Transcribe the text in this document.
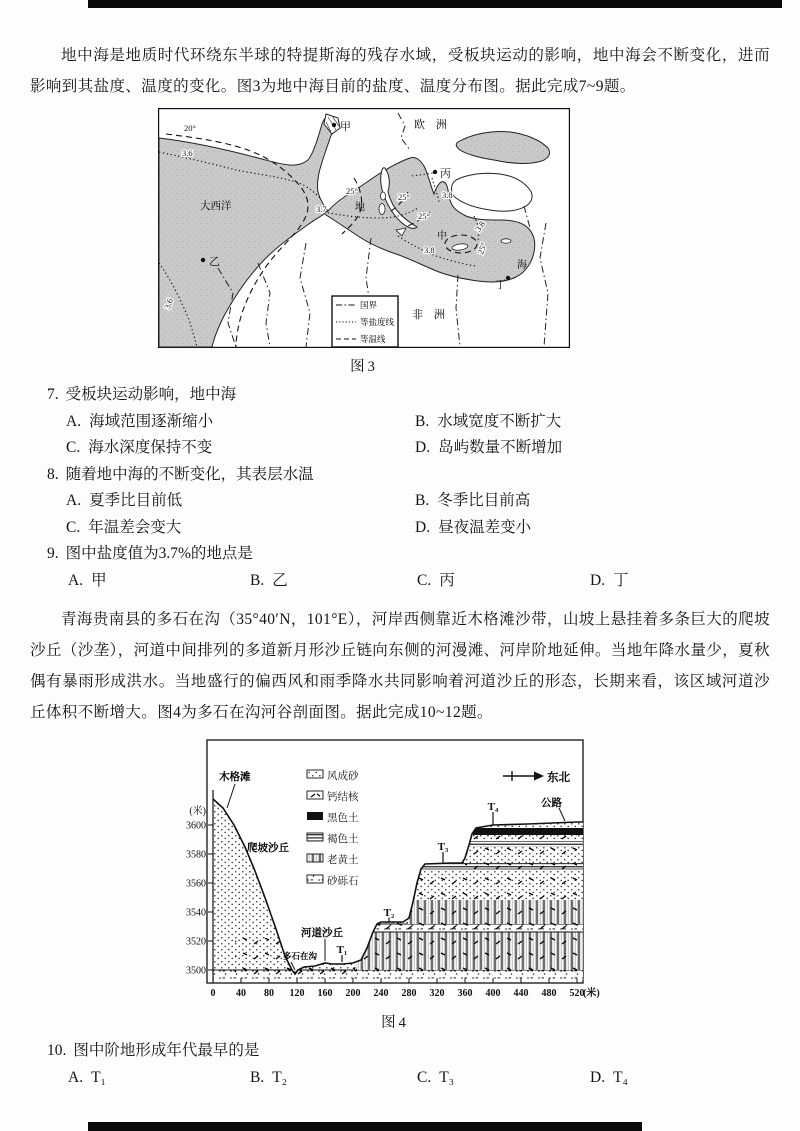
地中海是地质时代环绕东半球的特提斯海的残存水域，受板块运动的影响，地中海会不断变化，进而影响到其盐度、温度的变化。图3为地中海目前的盐度、温度分布图。据此完成7~9题。

20°
3.6
25°
3.7
25°	3.8
25°
3.8
3.8
25°
3.6
甲
乙
丙
丁
欧 洲
大西洋
非 洲
地
中
海
国界
等盐度线
等温线
图3
7. 受板块运动影响，地中海
A. 海域范围逐渐缩小	B. 水域宽度不断扩大
C. 海水深度保持不变	D. 岛屿数量不断增加
8. 随着地中海的不断变化，其表层水温
A. 夏季比目前低	B. 冬季比目前高
C. 年温差会变大	D. 昼夜温差变小
9. 图中盐度值为3.7%的地点是
A. 甲	B. 乙	C. 丙	D. 丁

青海贵南县的多石在沟（35°40′N，101°E），河岸西侧靠近木格滩沙带，山坡上悬挂着多条巨大的爬坡沙丘（沙垄），河道中间排列的多道新月形沙丘链向东侧的河漫滩、河岸阶地延伸。当地年降水量少，夏秋偶有暴雨形成洪水。当地盛行的偏西风和雨季降水共同影响着河道沙丘的形态，长期来看，该区域河道沙丘体积不断增大。图4为多石在沟河谷剖面图。据此完成10~12题。

(米)
3600
3580
3560
3540
3520
3500
0 40 80 120 160 200 240 280 320 360 400 440 480 520
(米)
风成砂
钙结核
黑色土
褐色土
老黄土
砂砾石
东北
木格滩
爬坡沙丘
河道沙丘
多石在沟 T₁
T₂
T₃
T₄	公路
图4
10. 图中阶地形成年代最早的是
A. T₁	B. T₂	C. T₃	D. T₄
